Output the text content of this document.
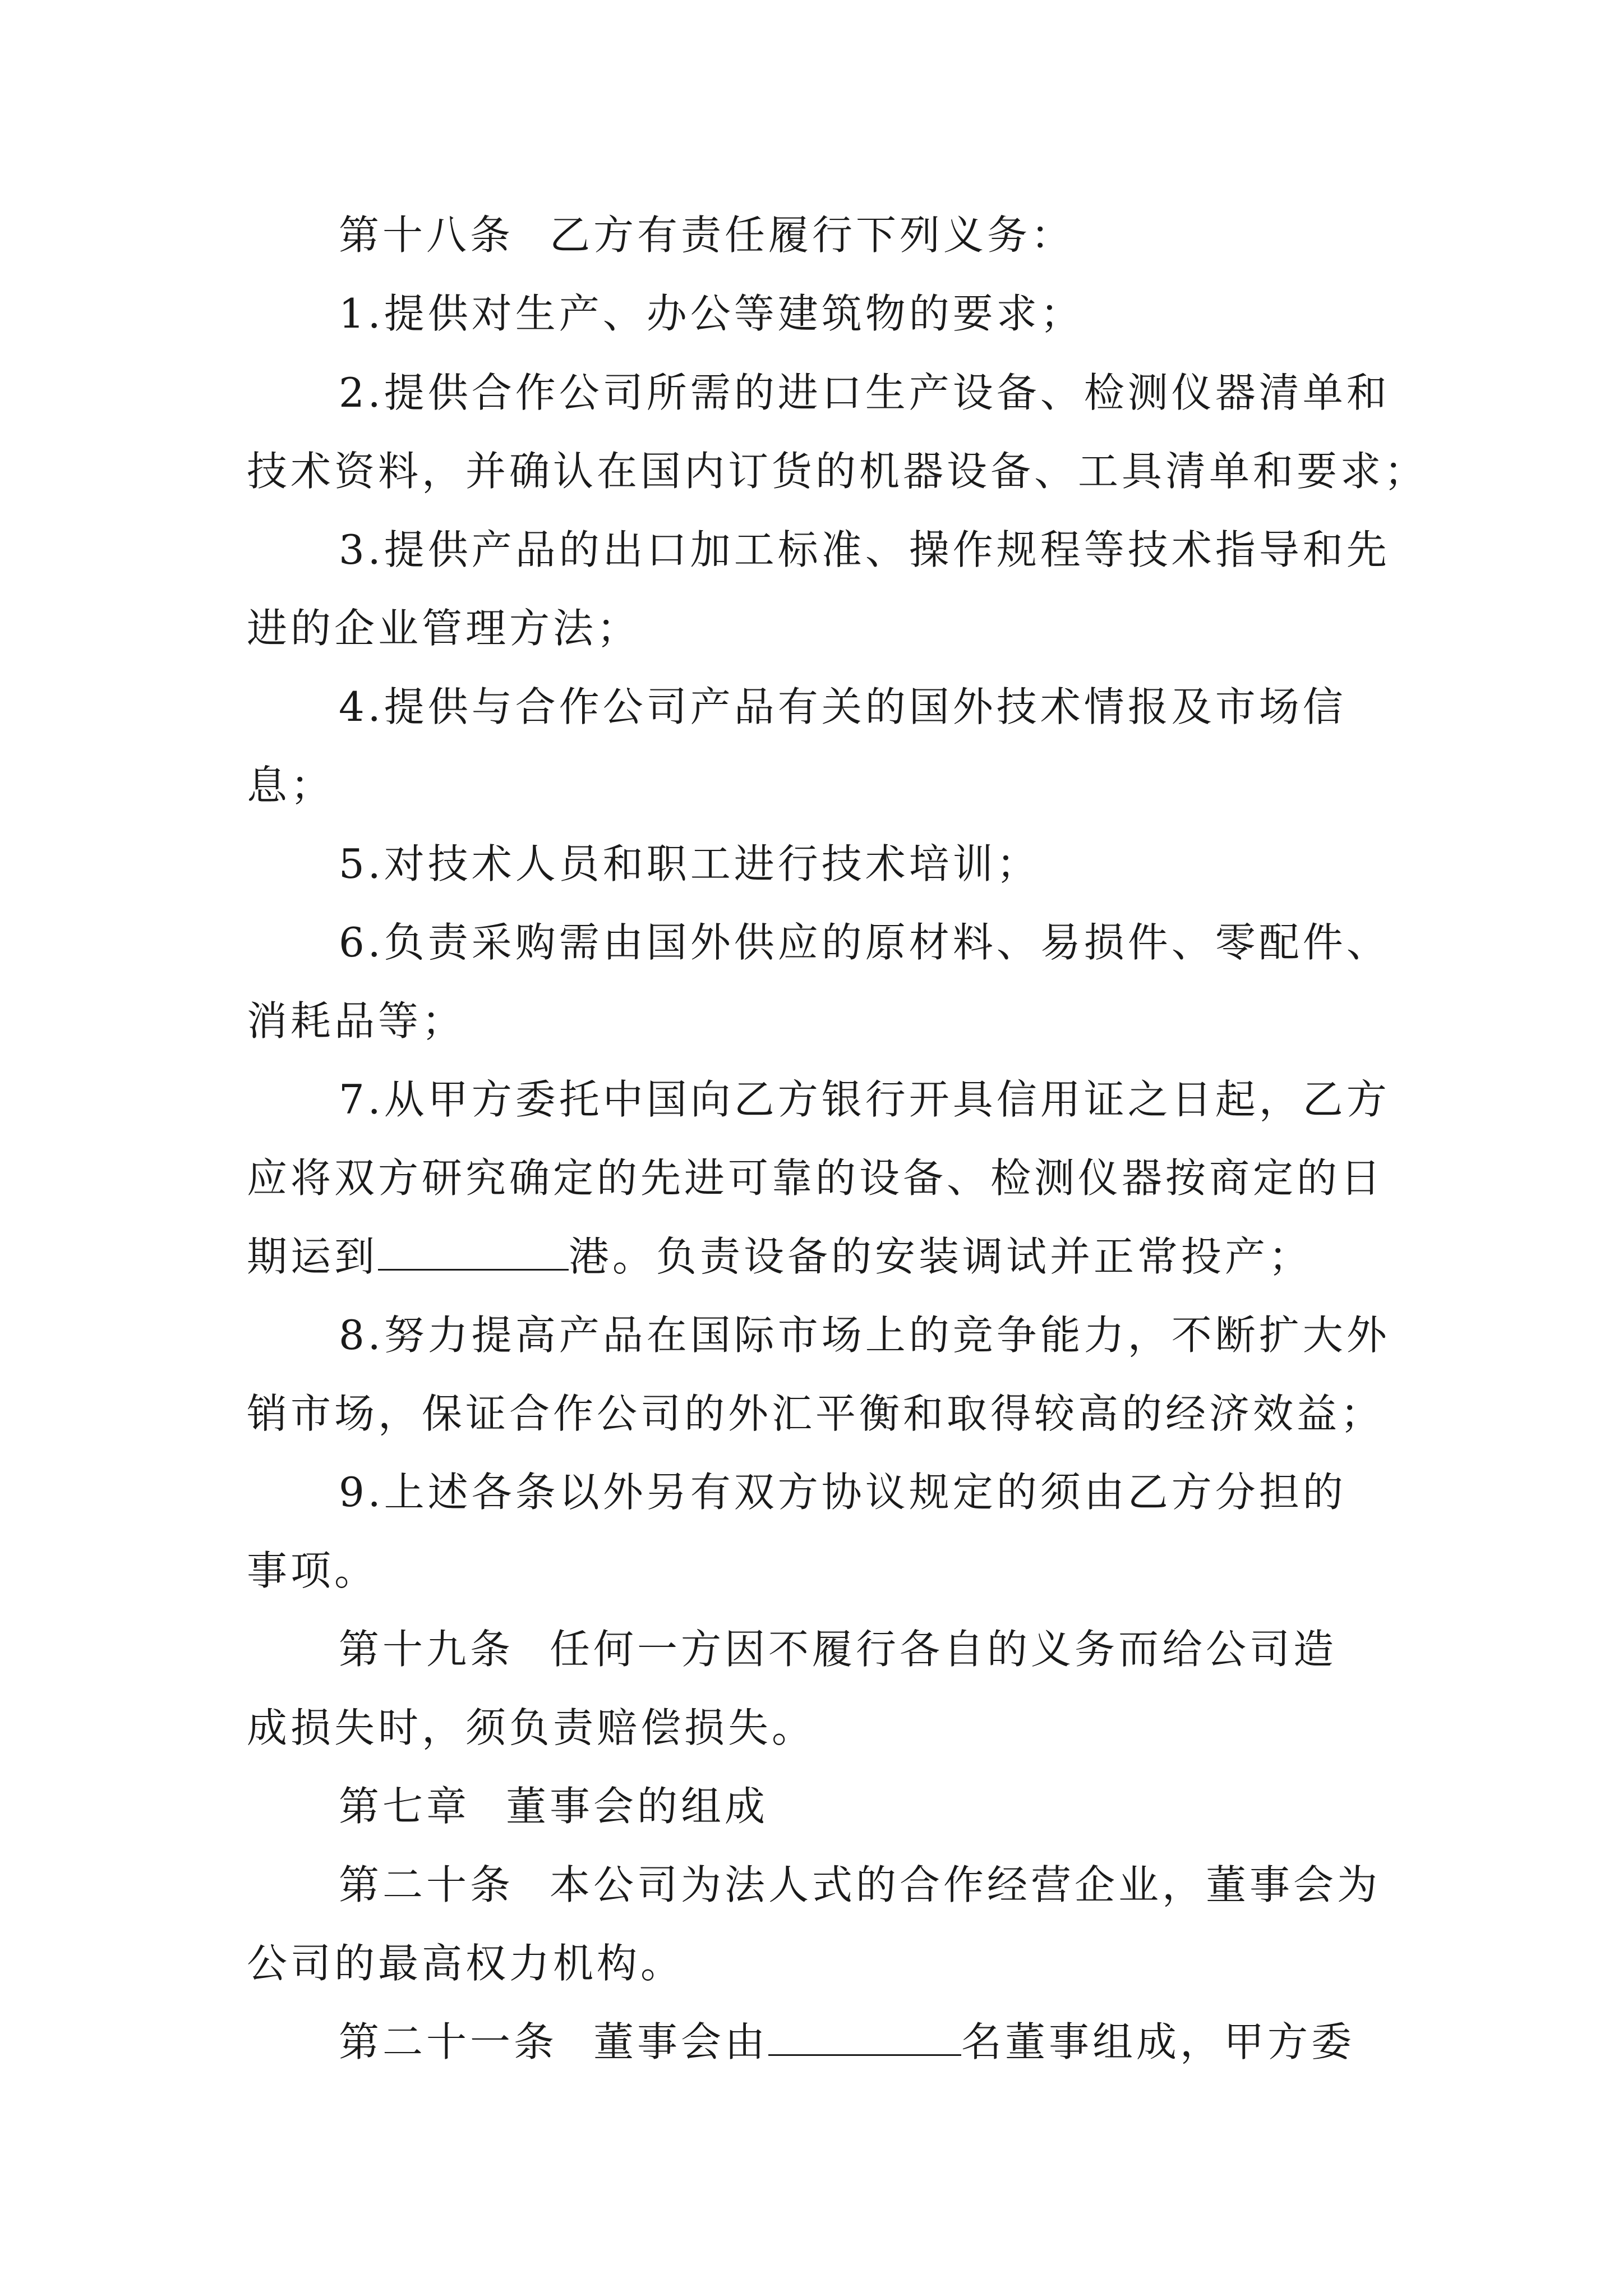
第十八条 乙方有责任履行下列义务：
1.提供对生产、办公等建筑物的要求；
2.提供合作公司所需的进口生产设备、检测仪器清单和
技术资料，并确认在国内订货的机器设备、工具清单和要求；
3.提供产品的出口加工标准、操作规程等技术指导和先
进的企业管理方法；
4.提供与合作公司产品有关的国外技术情报及市场信
息；
5.对技术人员和职工进行技术培训；
6.负责采购需由国外供应的原材料、易损件、零配件、
消耗品等；
7.从甲方委托中国向乙方银行开具信用证之日起，乙方
应将双方研究确定的先进可靠的设备、检测仪器按商定的日
期运到	港。负责设备的安装调试并正常投产；
8.努力提高产品在国际市场上的竞争能力，不断扩大外
销市场，保证合作公司的外汇平衡和取得较高的经济效益；
9.上述各条以外另有双方协议规定的须由乙方分担的
事项。
第十九条 任何一方因不履行各自的义务而给公司造
成损失时，须负责赔偿损失。
第七章 董事会的组成
第二十条 本公司为法人式的合作经营企业，董事会为
公司的最高权力机构。
第二十一条 董事会由	名董事组成，甲方委
